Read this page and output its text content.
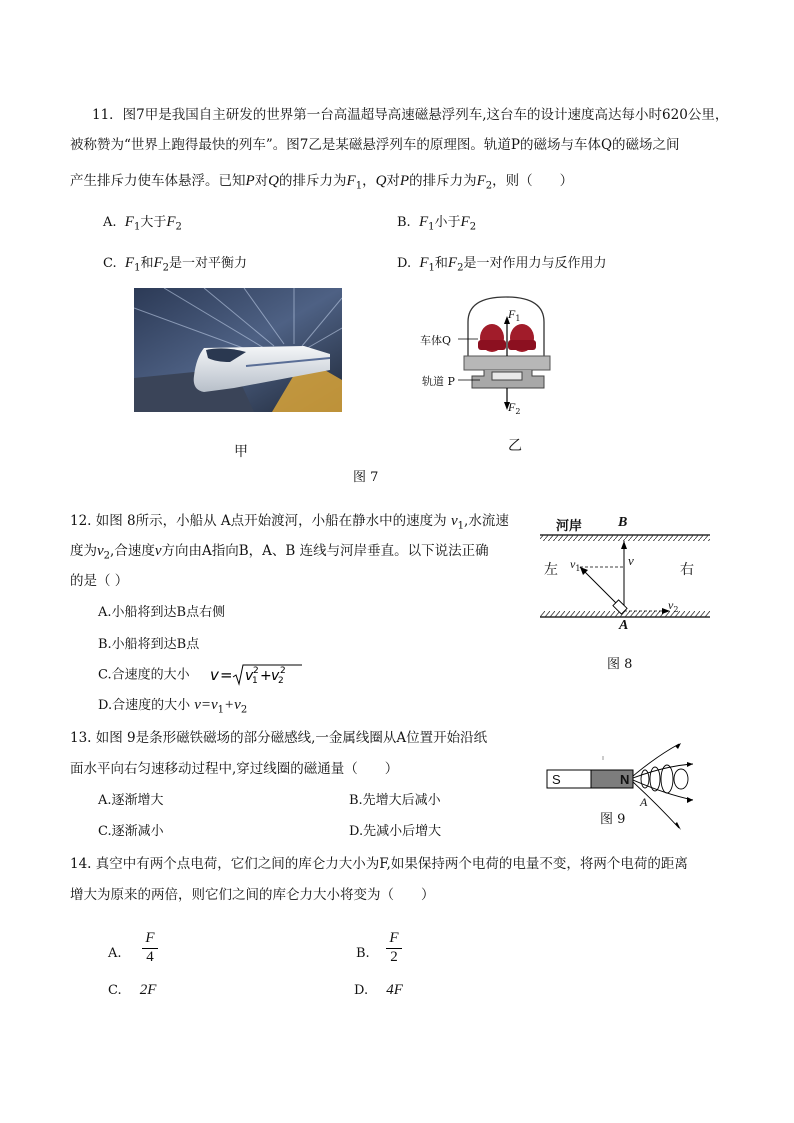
11．图7甲是我国自主研发的世界第一台高温超导高速磁悬浮列车,这台车的设计速度高达每小时620公里，
被称赞为“世界上跑得最快的列车”。图7乙是某磁悬浮列车的原理图。轨道P的磁场与车体Q的磁场之间
产生排斥力使车体悬浮。已知P对Q的排斥力为$F_1$，Q对P的排斥力为$F_2$，则（　　）
A. $F_1$大于$F_2$	B. $F_1$小于$F_2$
C. $F_1$和$F_2$是一对平衡力	D. $F_1$和$F_2$是一对作用力与反作用力
$F_1$
车体Q
轨道 P
$F_2$
甲	乙
图 7
12. 如图 8所示，小船从 A点开始渡河，小船在静水中的速度为 $v_1$,水流速
度为$v_2$,合速度v方向由A指向B，A、B 连线与河岸垂直。以下说法正确
的是（ ）
A.小船将到达B点右侧
B.小船将到达B点
C.合速度的大小 v = v
1
2 + v
2
2
D.合速度的大小 $v=v_1+v_2$
河岸	B
左	右
$v_1$
v
$v_2$
A
图 8
13. 如图 9是条形磁铁磁场的部分磁感线,一金属线圈从A位置开始沿纸
面水平向右匀速移动过程中,穿过线圈的磁通量（　　）
A.逐渐增大	B.先增大后减小
C.逐渐减小	D.先减小后增大
S	N
A
图 9
14. 真空中有两个点电荷，它们之间的库仑力大小为F,如果保持两个电荷的电量不变，将两个电荷的距离
增大为原来的两倍，则它们之间的库仑力大小将变为（　　）
A.
F
4	B.
F
2
C. 2F	D. 4F
